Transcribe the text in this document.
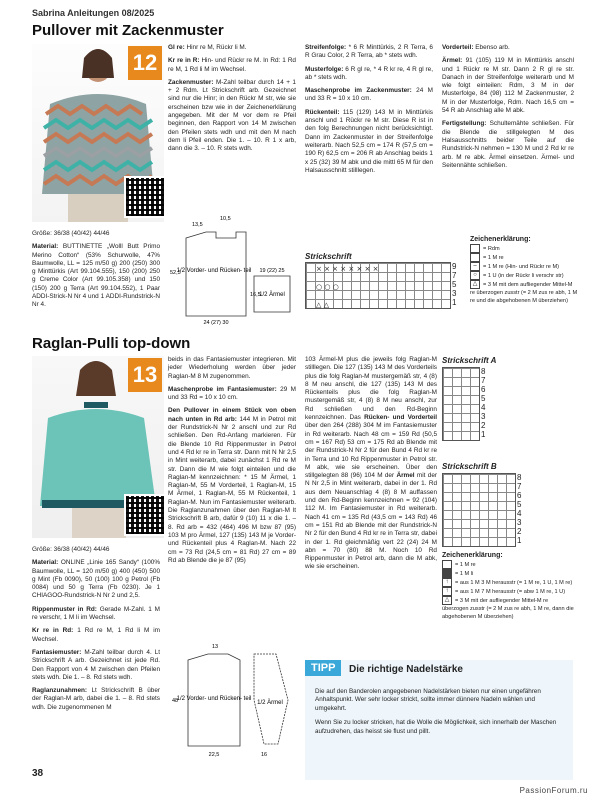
Sabrina Anleitungen 08/2025
Pullover mit Zackenmuster
12

Größe: 36/38 (40/42) 44/46

Material: BUTTINETTE „Wolll Butt Primo Merino Cotton“ (53% Schurwolle, 47% Baumwolle, LL = 125 m/50 g) 200 (250) 300 g Minttürkis (Art 99.104.555), 150 (200) 250 g Creme Color (Art 99.105.358) und 150 (150) 200 g Terra (Art 99.104.552), 1 Paar ADDI-Strick-N Nr 4 und 1 ADDI-Rundstrick-N Nr 4.

Gl re: Hinr re M, Rückr li M.

Kr re in R: Hin- und Rückr re M. In Rd: 1 Rd re M, 1 Rd li M im Wechsel.

Zackenmuster: M-Zahl teilbar durch 14 + 1 + 2 Rdm. Lt Strickschrift arb. Gezeichnet sind nur die Hinr; in den Rückr M str, wie sie erscheinen bzw wie in der Zeichenerklärung angegeben. Mit der M vor dem re Pfeil beginnen, den Rapport von 14 M zwischen den Pfeilen stets wdh und mit den M nach dem li Pfeil enden. Die 1. – 10. R 1 x arb, dann die 3. – 10. R stets wdh.

Streifenfolge: * 6 R Minttürkis, 2 R Terra, 6 R Grau Color, 2 R Terra, ab * stets wdh.

Musterfolge: 6 R gl re, * 4 R kr re, 4 R gl re, ab * stets wdh.

Maschenprobe im Zackenmuster: 24 M und 33 R = 10 x 10 cm.

Rückenteil: 115 (129) 143 M in Minttürkis anschl und 1 Rückr re M str. Diese R ist in den folg Berechnungen nicht berücksichtigt. Dann im Zackenmuster in der Streifenfolge weiterarb. Nach 52,5 cm = 174 R (57,5 cm = 190 R) 62,5 cm = 206 R ab Anschlag beids 1 x 25 (32) 39 M abk und die mittl 65 M für den Halsausschnitt stilllegen.

Vorderteil: Ebenso arb.

Ärmel: 91 (105) 119 M in Minttürkis anschl und 1 Rückr re M str. Dann 2 R gl re str. Danach in der Streifenfolge weiterarb und M wie folgt einteilen: Rdm, 3 M in der Musterfolge, 84 (98) 112 M Zackenmuster, 2 M in der Musterfolge, Rdm. Nach 16,5 cm = 54 R ab Anschlag alle M abk.

Fertigstellung: Schultemähte schließen. Für die Blende die stillgelegten M des Halsausschnitts beider Teile auf die Rundstrick-N nehmen = 130 M und 2 Rd kr re arb. M re abk. Ärmel einsetzen. Ärmel- und Seitennähte schließen.

1/2 Vorder- und Rücken- teil
1/2 Ärmel
24 (27) 30
19 (22) 25
52,5
16,5
13,5
10,5
Strickschrift
× × × × × × × ×
○ ○ ○
△ △
9
7
5
3
1
Zeichenerklärung:
= Rdm
= 1 M re
– = 1 M re (Hin- und Rückr re M)
○ = 1 U (in der Rückr li verschr str)
△ = 3 M mit dem aufliegender Mittel-M re überzogen zusstr (= 2 M zus re abh, 1 M re und die abgehobenen M überziehen)
Raglan-Pulli top-down
13

Größe: 36/38 (40/42) 44/46

Material: ONLINE „Linie 165 Sandy“ (100% Baumwolle, LL = 120 m/50 g) 400 (450) 500 g Mint (Fb 0090), 50 (100) 100 g Petrol (Fb 0084) und 50 g Terra (Fb 0230). Je 1 CHIAGOO-Rundstrick-N Nr 2 und 2,5.

Rippenmuster in Rd: Gerade M-Zahl. 1 M re verschr, 1 M li im Wechsel.

Kr re in Rd: 1 Rd re M, 1 Rd li M im Wechsel.

Fantasiemuster: M-Zahl teilbar durch 4. Lt Strickschrift A arb. Gezeichnet ist jede Rd. Den Rapport von 4 M zwischen den Pfeilen stets wdh. Die 1. – 8. Rd stets wdh.

Raglanzunahmen: Lt Strickschrift B über der Raglan-M arb, dabei die 1. – 8. Rd stets wdh. Die zugenommenen M

beids in das Fantasiemuster integrieren. Mit jeder Wiederholung werden über jeder Raglan-M 8 M zugenommen.

Maschenprobe im Fantasiemuster: 29 M und 33 Rd = 10 x 10 cm.

Den Pullover in einem Stück von oben nach unten in Rd arb: 144 M in Petrol mit der Rundstrick-N Nr 2 anschl und zur Rd schließen. Den Rd-Anfang markieren. Für die Blende 10 Rd Rippenmuster in Petrol und 4 Rd kr re in Terra str. Dann mit N Nr 2,5 in Mint weiterarb, dabei zunächst 1 Rd re M str. Dann die M wie folgt einteilen und die Raglan-M kennzeichnen: * 15 M Ärmel, 1 Raglan-M, 55 M Vorderteil, 1 Raglan-M, 15 M Ärmel, 1 Raglan-M, 55 M Rückenteil, 1 Raglan-M. Nun im Fantasiemuster weiterarb. Die Raglanzunahmen über den Raglan-M lt Strickschrift B arb, dafür 9 (10) 11 x die 1. – 8. Rd arb = 432 (464) 496 M bzw 87 (95) 103 M pro Ärmel, 127 (135) 143 M je Vorder- und Rückenteil plus 4 Raglan-M. Nach 22 cm = 73 Rd (24,5 cm = 81 Rd) 27 cm = 89 Rd ab Blende die je 87 (95)

103 Ärmel-M plus die jeweils folg Raglan-M stilllegen. Die 127 (135) 143 M des Vorderteils plus die folg Raglan-M mustergemäß str, 4 (8) 8 M neu anschl, die 127 (135) 143 M des Rückenteils plus die folg Raglan-M mustergemäß str, 4 (8) 8 M neu anschl, zur Rd schließen und den Rd-Beginn kennzeichnen. Das Rücken- und Vorderteil über den 264 (288) 304 M im Fantasiemuster in Rd weiterarb. Nach 48 cm = 159 Rd (50,5 cm = 167 Rd) 53 cm = 175 Rd ab Blende mit der Rundstrick-N Nr 2 für den Bund 4 Rd kr re in Terra und 10 Rd Rippenmuster in Petrol str. M abk, wie sie erscheinen. Über den stillgelegten 88 (96) 104 M der Ärmel mit der N Nr 2,5 in Mint weiterarb, dabei in der 1. Rd aus dem Neuanschlag 4 (8) 8 M auffassen und den Rd-Beginn kennzeichnen = 92 (104) 112 M. Im Fantasiemuster in Rd weiterarb. Nach 41 cm = 135 Rd (43,5 cm = 143 Rd) 46 cm = 151 Rd ab Blende mit der Rundstrick-N Nr 2 für den Bund 4 Rd kr re in Terra str, dabei in der 1. Rd gleichmäßig vert 22 (24) 24 M abn = 70 (80) 88 M. Noch 10 Rd Rippenmuster in Petrol arb, dann die M abk, wie sie erscheinen.

Strickschrift A
8
7
6
5
4
3
2
1
Strickschrift B
8
7
6
5
4
3
2
1
Zeichenerklärung:
= 1 M re
= 1 M li
↑ = aus 1 M 3 M herausstr (= 1 M re, 1 U, 1 M re)
↑ = aus 1 M 7 M herausstr (= abw 1 M re, 1 U)
△ = 3 M mit der aufliegender Mittel-M re überzogen zusstr (= 2 M zus re abh, 1 M re, dann die abgehobenen M überziehen)
1/2 Vorder- und Rücken- teil
1/2 Ärmel
48
22,5	16
13
TIPP	Die richtige Nadelstärke

Die auf den Banderolen angegebenen Nadelstärken bieten nur einen ungefähren Anhaltspunkt. Wer sehr locker strickt, sollte immer dünnere Nadeln wählen und umgekehrt.

Wenn Sie zu locker stricken, hat die Wolle die Möglichkeit, sich innerhalb der Maschen aufzudrehen, das heisst sie flust und pillt.

38
PassionForum.ru
